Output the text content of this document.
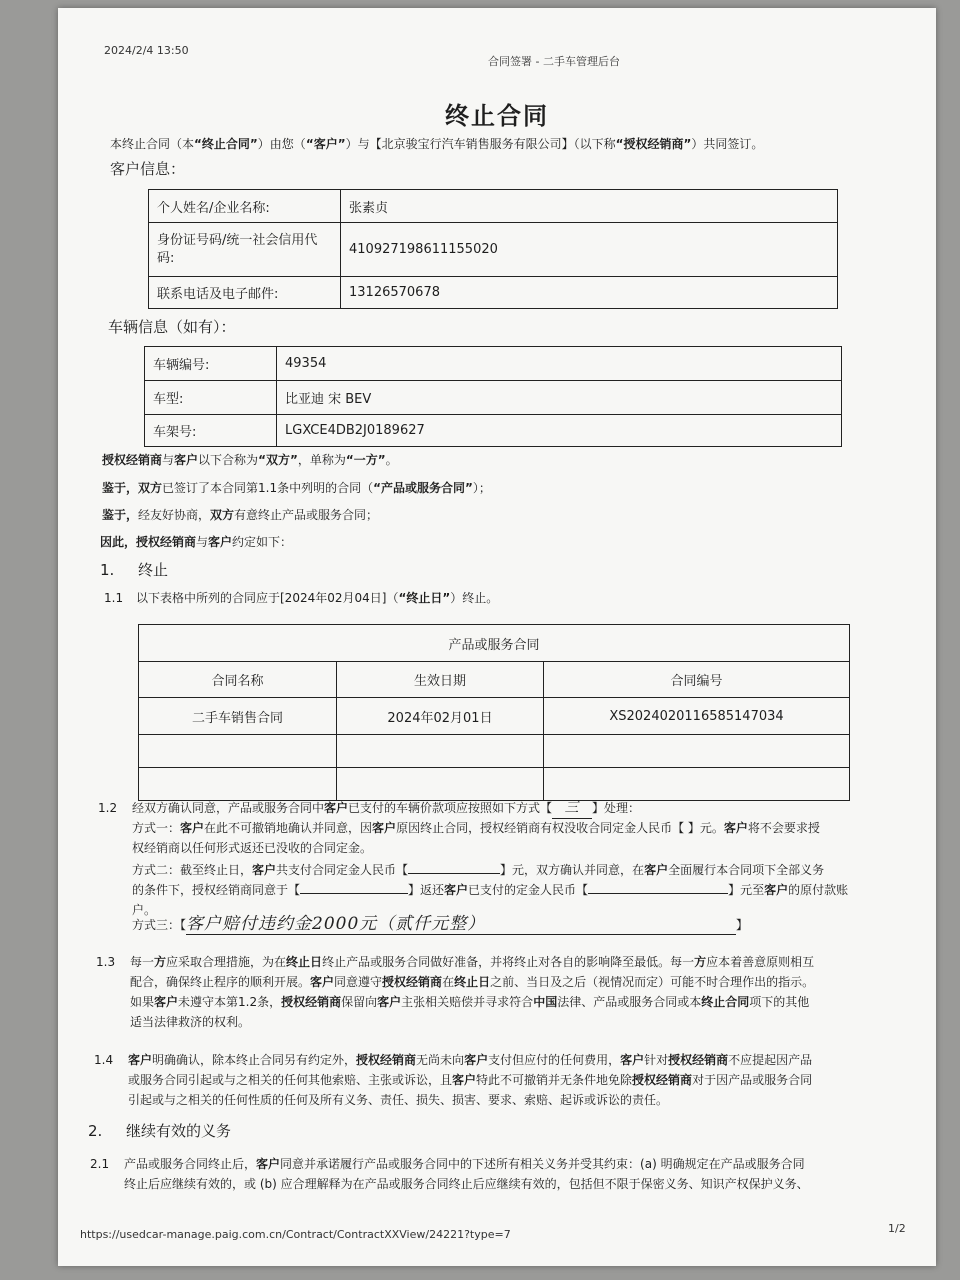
2024/2/4 13:50
合同签署 - 二手车管理后台
终止合同
本终止合同（本“终止合同”）由您（“客户”）与【北京骏宝行汽车销售服务有限公司】（以下称“授权经销商”）共同签订。
客户信息：
个人姓名/企业名称:	张素贞
身份证号码/统一社会信用代码:	410927198611155020
联系电话及电子邮件:	13126570678
车辆信息（如有）：
车辆编号:	49354
车型:	比亚迪 宋 BEV
车架号:	LGXCE4DB2J0189627
授权经销商与客户以下合称为“双方”，单称为“一方”。
鉴于，双方已签订了本合同第1.1条中列明的合同（“产品或服务合同”）；
鉴于，经友好协商，双方有意终止产品或服务合同；
因此，授权经销商与客户约定如下：
1. 终止
1.1 以下表格中所列的合同应于[2024年02月04日]（“终止日”）终止。
产品或服务合同		
合同名称	生效日期	合同编号
二手车销售合同	2024年02月01日	XS20240201165851470​34

1.2 经双方确认同意，产品或服务合同中客户已支付的车辆价款项应按照如下方式【 三 】处理：
方式一：客户在此不可撤销地确认并同意，因客户原因终止合同，授权经销商有权没收合同定金人民币【 】元。客户将不会要求授
权经销商以任何形式返还已没收的合同定金。
方式二：截至终止日，客户共支付合同定金人民币【	】元，双方确认并同意，在客户全面履行本合同项下全部义务
的条件下，授权经销商同意于【	】返还客户已支付的定金人民币【	】元至客户的原付款账
户。
方式三：【客户赔付违约金2000元（贰仟元整）	】
1.3 每一方应采取合理措施，为在终止日终止产品或服务合同做好准备，并将终止对各自的影响降至最低。每一方应本着善意原则相互
配合，确保终止程序的顺利开展。客户同意遵守授权经销商在终止日之前、当日及之后（视情况而定）可能不时合理作出的指示。
如果客户未遵守本第1.2条，授权经销商保留向客户主张相关赔偿并寻求符合中国法律、产品或服务合同或本终止合同项下的其他
适当法律救济的权利。
1.4 客户明确确认，除本终止合同另有约定外，授权经销商无尚未向客户支付但应付的任何费用，客户针对授权经销商不应提起因产品
或服务合同引起或与之相关的任何其他索赔、主张或诉讼，且客户特此不可撤销并无条件地免除授权经销商对于因产品或服务合同
引起或与之相关的任何性质的任何及所有义务、责任、损失、损害、要求、索赔、起诉或诉讼的责任。
2. 继续有效的义务
2.1 产品或服务合同终止后，客户同意并承诺履行产品或服务合同中的下述所有相关义务并受其约束：(a) 明确规定在产品或服务合同
终止后应继续有效的，或 (b) 应合理解释为在产品或服务合同终止后应继续有效的，包括但不限于保密义务、知识产权保护义务、
https://usedcar-manage.paig.com.cn/Contract/ContractXXView/24221?type=7	1/2
